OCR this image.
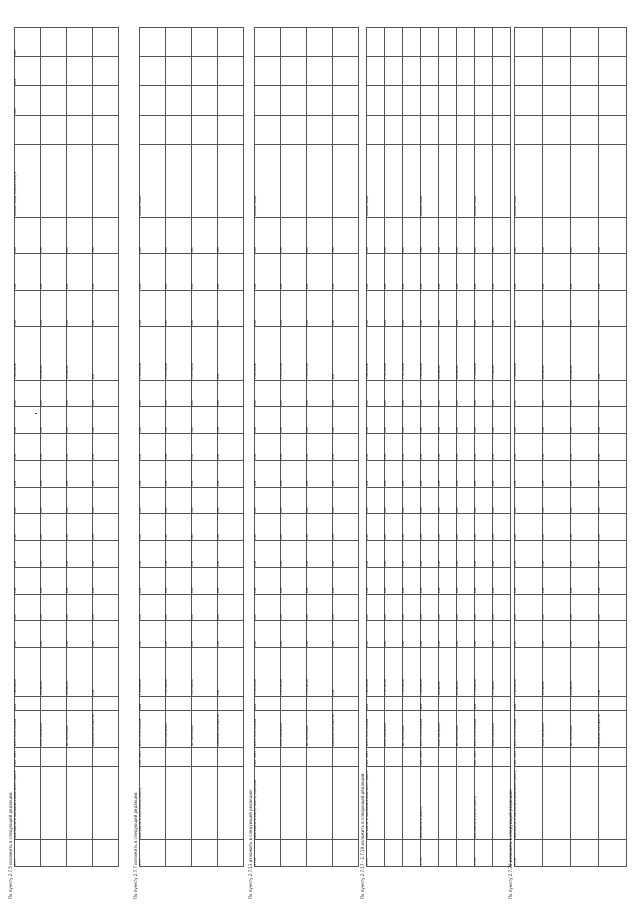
По пункту 2.7.5 изложить в следующей редакции: 2.7.5	Мероприятия по реализации инициативного проекта	2021 - 2023	Всего, по источникам	0000	1 000 000,00	0,00	0,00	0,00	0,00	0,00	0,00	0,00	0,00	0,00	0,00	1 000 000,00	0,00	0,00	0,00	Администрация городского округа		2021	2022	2023
			областной бюджет		500 000,00	0,00	0,00	0,00	0,00	0,00	0,00	0,00	0,00	0,00	0,00	500 000,00	0,00	0,00	0,00					
			местный бюджет		500 000,00	0,00	0,00	0,00	0,00	0,00	0,00	0,00	0,00	0,00	0,00	500 000,00	0,00	0,00	0,00					
			внебюджетные средства		0,00	0,00	0,00	0,00	0,00	0,00	0,00	0,00	0,00	0,00	0,00	0,00	0,00	0,00	0,00					
По пункту 2.7.7 изложить в следующей редакции: 2.7.7	Мероприятия по капитальному ремонту	2021 - 2023	Всего, по источникам	0000	2 450 000,00	0,00	0,00	0,00	0,00	0,00	0,00	0,00	0,00	0,00	0,00	2 450 000,00	0,00	0,00	0,00	Администрация				
			областной бюджет		1 225 000,00	0,00	0,00	0,00	0,00	0,00	0,00	0,00	0,00	0,00	0,00	1 225 000,00	0,00	0,00	0,00					
			местный бюджет		1 225 000,00	0,00	0,00	0,00	0,00	0,00	0,00	0,00	0,00	0,00	0,00	1 225 000,00	0,00	0,00	0,00					
			внебюджетные средства		0,00	0,00	0,00	0,00	0,00	0,00	0,00	0,00	0,00	0,00	0,00	0,00	0,00	0,00	0,00					
По пункту 2.7.13 изложить в следующей редакции: 2.7.13	Мероприятия по благоустройству территории	2021 - 2023	Всего, по источникам	0000	2 148 930,00	0,00	0,00	0,00	0,00	0,00	0,00	0,00	0,00	0,00	0,00	2 148 930,00	0,00	0,00	0,00	Администрация				
			областной бюджет		1 074 465,00	0,00	0,00	0,00	0,00	0,00	0,00	0,00	0,00	0,00	0,00	1 074 465,00	0,00	0,00	0,00					
			местный бюджет		1 074 465,00	0,00	0,00	0,00	0,00	0,00	0,00	0,00	0,00	0,00	0,00	1 074 465,00	0,00	0,00	0,00					
			внебюджетные средства		0,00	0,00	0,00	0,00	0,00	0,00	0,00	0,00	0,00	0,00	0,00	0,00	0,00	0,00	0,00					
По пункту 2.7.17 - 2.7.19 изложить в следующей редакции: 2.7.17	Мероприятия по реализации инициативного проекта	2021 - 2023	Всего, по источникам	0000	3 086 604,00	0,00	0,00	0,00	0,00	0,00	0,00	0,00	0,00	0,00	0,00	3 086 604,00	0,00	0,00	0,00	Администрация				
			областной бюджет		1 543 302,00	0,00	0,00	0,00	0,00	0,00	0,00	0,00	0,00	0,00	0,00	1 543 302,00	0,00	0,00	0,00					
			местный бюджет		1 543 302,00	0,00	0,00	0,00	0,00	0,00	0,00	0,00	0,00	0,00	0,00	1 543 302,00	0,00	0,00	0,00					
2.7.18	Мероприятия по ремонту	2021 - 2023	Всего, по источникам	0000	1 920 000,00	0,00	0,00	0,00	0,00	0,00	0,00	0,00	0,00	0,00	0,00	1 920 000,00	0,00	0,00	0,00	Администрация				
			областной бюджет		960 000,00	0,00	0,00	0,00	0,00	0,00	0,00	0,00	0,00	0,00	0,00	960 000,00	0,00	0,00	0,00					
			местный бюджет		960 000,00	0,00	0,00	0,00	0,00	0,00	0,00	0,00	0,00	0,00	0,00	960 000,00	0,00	0,00	0,00					
2.7.19	Мероприятия по благоустройству	2021 - 2023	Всего, по источникам	0000	1 550 000,00	0,00	0,00	0,00	0,00	0,00	0,00	0,00	0,00	0,00	0,00	1 550 000,00	0,00	0,00	0,00	Администрация				
			областной бюджет		775 000,00	0,00	0,00	0,00	0,00	0,00	0,00	0,00	0,00	0,00	0,00	775 000,00	0,00	0,00	0,00					
По пункту 2.7.26 изложить в следующей редакции: 2.7.26	Мероприятия по реализации инициативного проекта	2021 - 2023	Всего, по источникам	0000	1 840 000,00	0,00	0,00	0,00	0,00	0,00	0,00	0,00	0,00	0,00	0,00	1 840 000,00	0,00	0,00	0,00	Администрация				
			областной бюджет		920 000,00	0,00	0,00	0,00	0,00	0,00	0,00	0,00	0,00	0,00	0,00	920 000,00	0,00	0,00	0,00					
			местный бюджет		920 000,00	0,00	0,00	0,00	0,00	0,00	0,00	0,00	0,00	0,00	0,00	920 000,00	0,00	0,00	0,00					
			внебюджетные средства		0,00	0,00	0,00	0,00	0,00	0,00	0,00	0,00	0,00	0,00	0,00	0,00	0,00	0,00	0,00					
